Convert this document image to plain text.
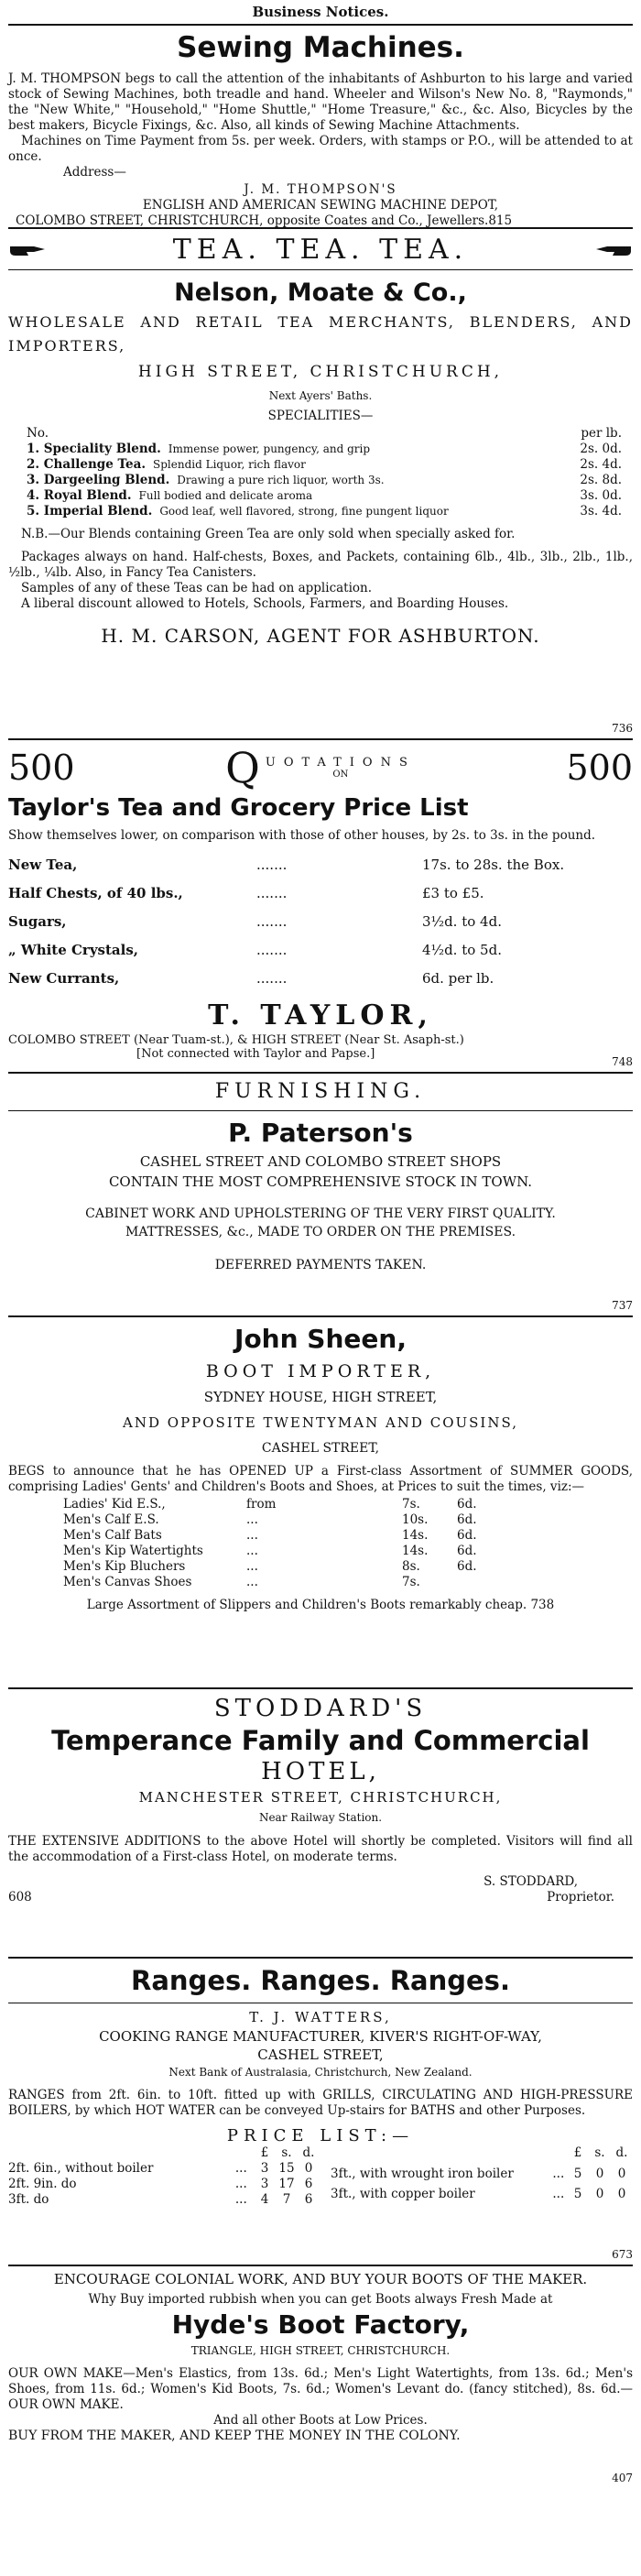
Business Notices.
Sewing Machines.
J. M. THOMPSON begs to call the attention of the inhabitants of Ashburton to his large and varied stock of Sewing Machines, both treadle and hand. Wheeler and Wilson's New No. 8, "Raymonds," the "New White," "Household," "Home Shuttle," "Home Treasure," &c., &c. Also, Bicycles by the best makers, Bicycle Fixings, &c. Also, all kinds of Sewing Machine Attachments.
Machines on Time Payment from 5s. per week. Orders, with stamps or P.O., will be attended to at once.
Address—
J. M. THOMPSON'S
ENGLISH AND AMERICAN SEWING MACHINE DEPOT,
COLOMBO STREET, CHRISTCHURCH, opposite Coates and Co., Jewellers.815
TEA. TEA. TEA.
Nelson, Moate & Co.,
WHOLESALE AND RETAIL TEA MERCHANTS, BLENDERS, AND IMPORTERS,
HIGH STREET, CHRISTCHURCH,
Next Ayers' Baths.
SPECIALITIES—
No.	per lb.
1. Speciality Blend. Immense power, pungency, and grip	2s. 0d.
2. Challenge Tea. Splendid Liquor, rich flavor	2s. 4d.
3. Dargeeling Blend. Drawing a pure rich liquor, worth 3s.	2s. 8d.
4. Royal Blend. Full bodied and delicate aroma	3s. 0d.
5. Imperial Blend. Good leaf, well flavored, strong, fine pungent liquor	3s. 4d.
N.B.—Our Blends containing Green Tea are only sold when specially asked for.
Packages always on hand. Half-chests, Boxes, and Packets, containing 6lb., 4lb., 3lb., 2lb., 1lb., ½lb., ¼lb. Also, in Fancy Tea Canisters.
Samples of any of these Teas can be had on application.
A liberal discount allowed to Hotels, Schools, Farmers, and Boarding Houses.
H. M. CARSON, AGENT FOR ASHBURTON.
736
500	Q UOTATIONS
ON	500
Taylor's Tea and Grocery Price List
Show themselves lower, on comparison with those of other houses, by 2s. to 3s. in the pound.
New Tea,	.......	17s. to 28s. the Box.
Half Chests, of 40 lbs.,	.......	£3 to £5.
Sugars,	.......	3½d. to 4d.
„ White Crystals,	.......	4½d. to 5d.
New Currants,	.......	6d. per lb.
T. TAYLOR,
COLOMBO STREET (Near Tuam-st.), & HIGH STREET (Near St. Asaph-st.)
[Not connected with Taylor and Papse.]
748
FURNISHING.
P. Paterson's
CASHEL STREET AND COLOMBO STREET SHOPS
CONTAIN THE MOST COMPREHENSIVE STOCK IN TOWN.
CABINET WORK AND UPHOLSTERING OF THE VERY FIRST QUALITY.
MATTRESSES, &c., MADE TO ORDER ON THE PREMISES.
DEFERRED PAYMENTS TAKEN.
737
John Sheen,
BOOT IMPORTER,
SYDNEY HOUSE, HIGH STREET,
AND OPPOSITE TWENTYMAN AND COUSINS,
CASHEL STREET,
BEGS to announce that he has OPENED UP a First-class Assortment of SUMMER GOODS, comprising Ladies' Gents' and Children's Boots and Shoes, at Prices to suit the times, viz:—
Ladies' Kid E.S.,	from	7s.	6d.
Men's Calf E.S.	...	10s.	6d.
Men's Calf Bats	...	14s.	6d.
Men's Kip Watertights	...	14s.	6d.
Men's Kip Bluchers	...	8s.	6d.
Men's Canvas Shoes	...	7s.
Large Assortment of Slippers and Children's Boots remarkably cheap. 738
STODDARD'S
Temperance Family and Commercial
HOTEL,
MANCHESTER STREET, CHRISTCHURCH,
Near Railway Station.
THE EXTENSIVE ADDITIONS to the above Hotel will shortly be completed. Visitors will find all the accommodation of a First-class Hotel, on moderate terms.
S. STODDARD,
608	Proprietor.
Ranges. Ranges. Ranges.
T. J. WATTERS,
COOKING RANGE MANUFACTURER, KIVER'S RIGHT-OF-WAY,
CASHEL STREET,
Next Bank of Australasia, Christchurch, New Zealand.
RANGES from 2ft. 6in. to 10ft. fitted up with GRILLS, CIRCULATING AND HIGH-PRESSURE BOILERS, by which HOT WATER can be conveyed Up-stairs for BATHS and other Purposes.
PRICE LIST:—
		£	s.	d.
2ft. 6in., without boiler	...	3	15	0
2ft. 9in. do	...	3	17	6
3ft. do	...	4	7	6
		£	s.	d.
3ft., with wrought iron boiler	...	5	0	0
3ft., with copper boiler	...	5	0	0
673
ENCOURAGE COLONIAL WORK, AND BUY YOUR BOOTS OF THE MAKER.
Why Buy imported rubbish when you can get Boots always Fresh Made at
Hyde's Boot Factory,
TRIANGLE, HIGH STREET, CHRISTCHURCH.
OUR OWN MAKE—Men's Elastics, from 13s. 6d.; Men's Light Watertights, from 13s. 6d.; Men's Shoes, from 11s. 6d.; Women's Kid Boots, 7s. 6d.; Women's Levant do. (fancy stitched), 8s. 6d.—OUR OWN MAKE.
And all other Boots at Low Prices.
BUY FROM THE MAKER, AND KEEP THE MONEY IN THE COLONY.
407
